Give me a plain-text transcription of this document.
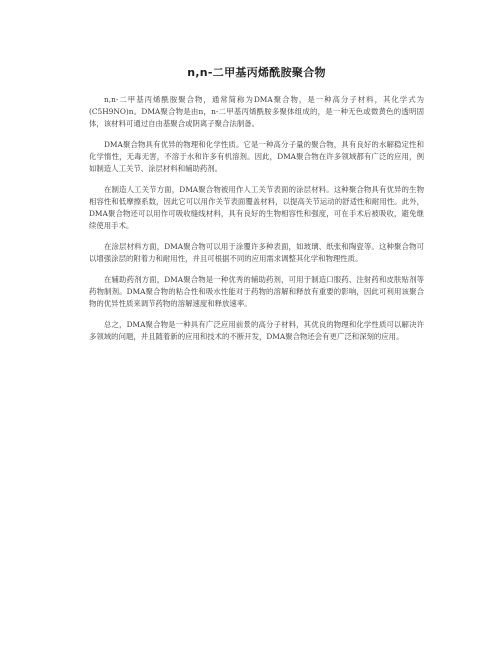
n,n-二甲基丙烯酰胺聚合物

n,n-二甲基丙烯酰胺聚合物，通常简称为DMA聚合物，是一种高分子材料，其化学式为(C5H9NO)n。DMA聚合物是由n，n-二甲基丙烯酰胺多聚体组成的，是一种无色或微黄色的透明固体，该材料可通过自由基聚合或阴离子聚合法制备。

DMA聚合物具有优异的物理和化学性质。它是一种高分子量的聚合物，具有良好的水解稳定性和化学惰性，无毒无害，不溶于水和许多有机溶剂。因此，DMA聚合物在许多领域都有广泛的应用，例如制造人工关节、涂层材料和辅助药剂。

在制造人工关节方面，DMA聚合物被用作人工关节表面的涂层材料。这种聚合物具有优异的生物相容性和低摩擦系数，因此它可以用作关节表面覆盖材料，以提高关节运动的舒适性和耐用性。此外，DMA聚合物还可以用作可吸收缝线材料，具有良好的生物相容性和强度，可在手术后被吸收，避免继续使用手术。

在涂层材料方面，DMA聚合物可以用于涂覆许多种表面，如玻璃、纸张和陶瓷等。这种聚合物可以增强涂层的附着力和耐用性，并且可根据不同的应用需求调整其化学和物理性质。

在辅助药剂方面，DMA聚合物是一种优秀的辅助药剂，可用于制造口服药、注射药和皮肤贴剂等药物制剂。DMA聚合物的粘合性和吸水性能对于药物的溶解和释放有重要的影响，因此可利用该聚合物的优异性质来调节药物的溶解速度和释放速率。

总之，DMA聚合物是一种具有广泛应用前景的高分子材料，其优良的物理和化学性质可以解决许多领域的问题，并且随着新的应用和技术的不断开发，DMA聚合物还会有更广泛和深刻的应用。
